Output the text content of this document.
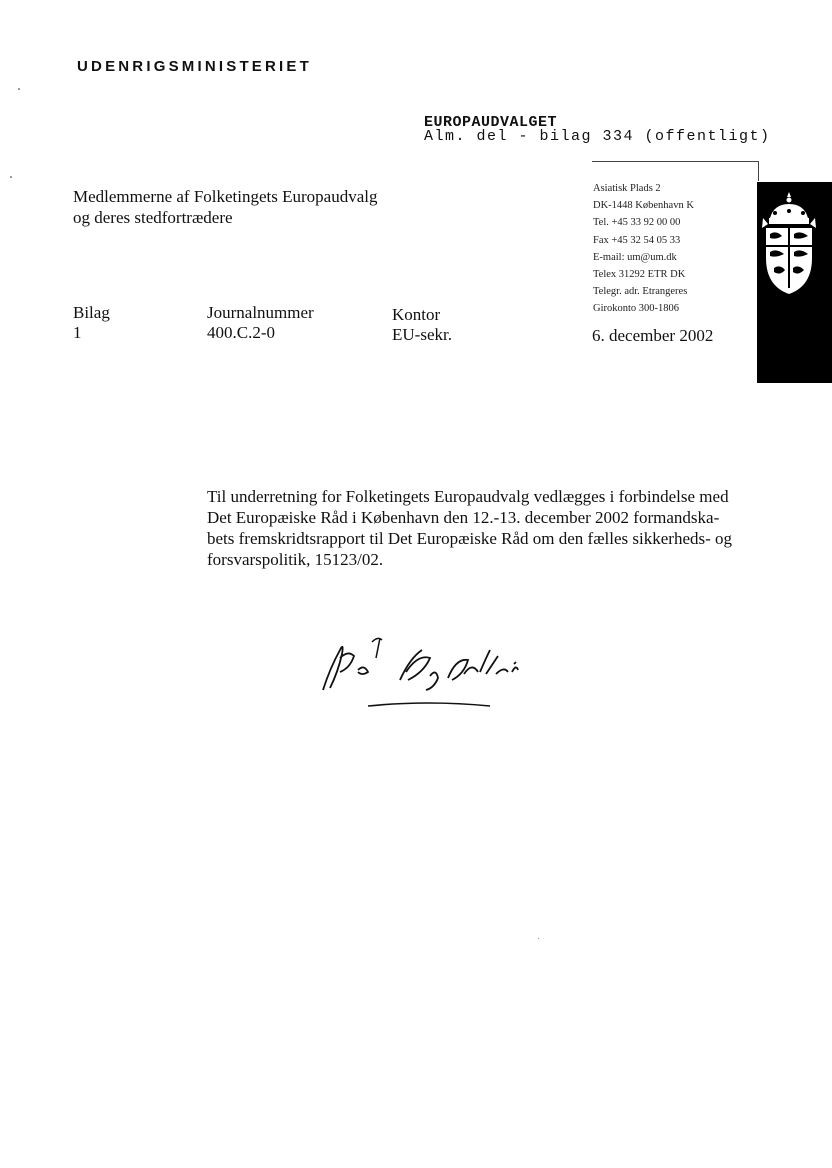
UDENRIGSMINISTERIET
EUROPAUDVALGET
Alm. del - bilag 334 (offentligt)
Medlemmerne af Folketingets Europaudvalg
og deres stedfortrædere
Asiatisk Plads 2
DK-1448 København K
Tel. +45 33 92 00 00
Fax +45 32 54 05 33
E-mail: um@um.dk
Telex 31292 ETR DK
Telegr. adr. Etrangeres
Girokonto 300-1806
Bilag
1
Journalnummer
400.C.2-0
Kontor
EU-sekr.	6. december 2002
Til underretning for Folketingets Europaudvalg vedlægges i forbindelse med
Det Europæiske Råd i København den 12.-13. december 2002 formandska-
bets fremskridtsrapport til Det Europæiske Råd om den fælles sikkerheds- og
forsvarspolitik, 15123/02.
